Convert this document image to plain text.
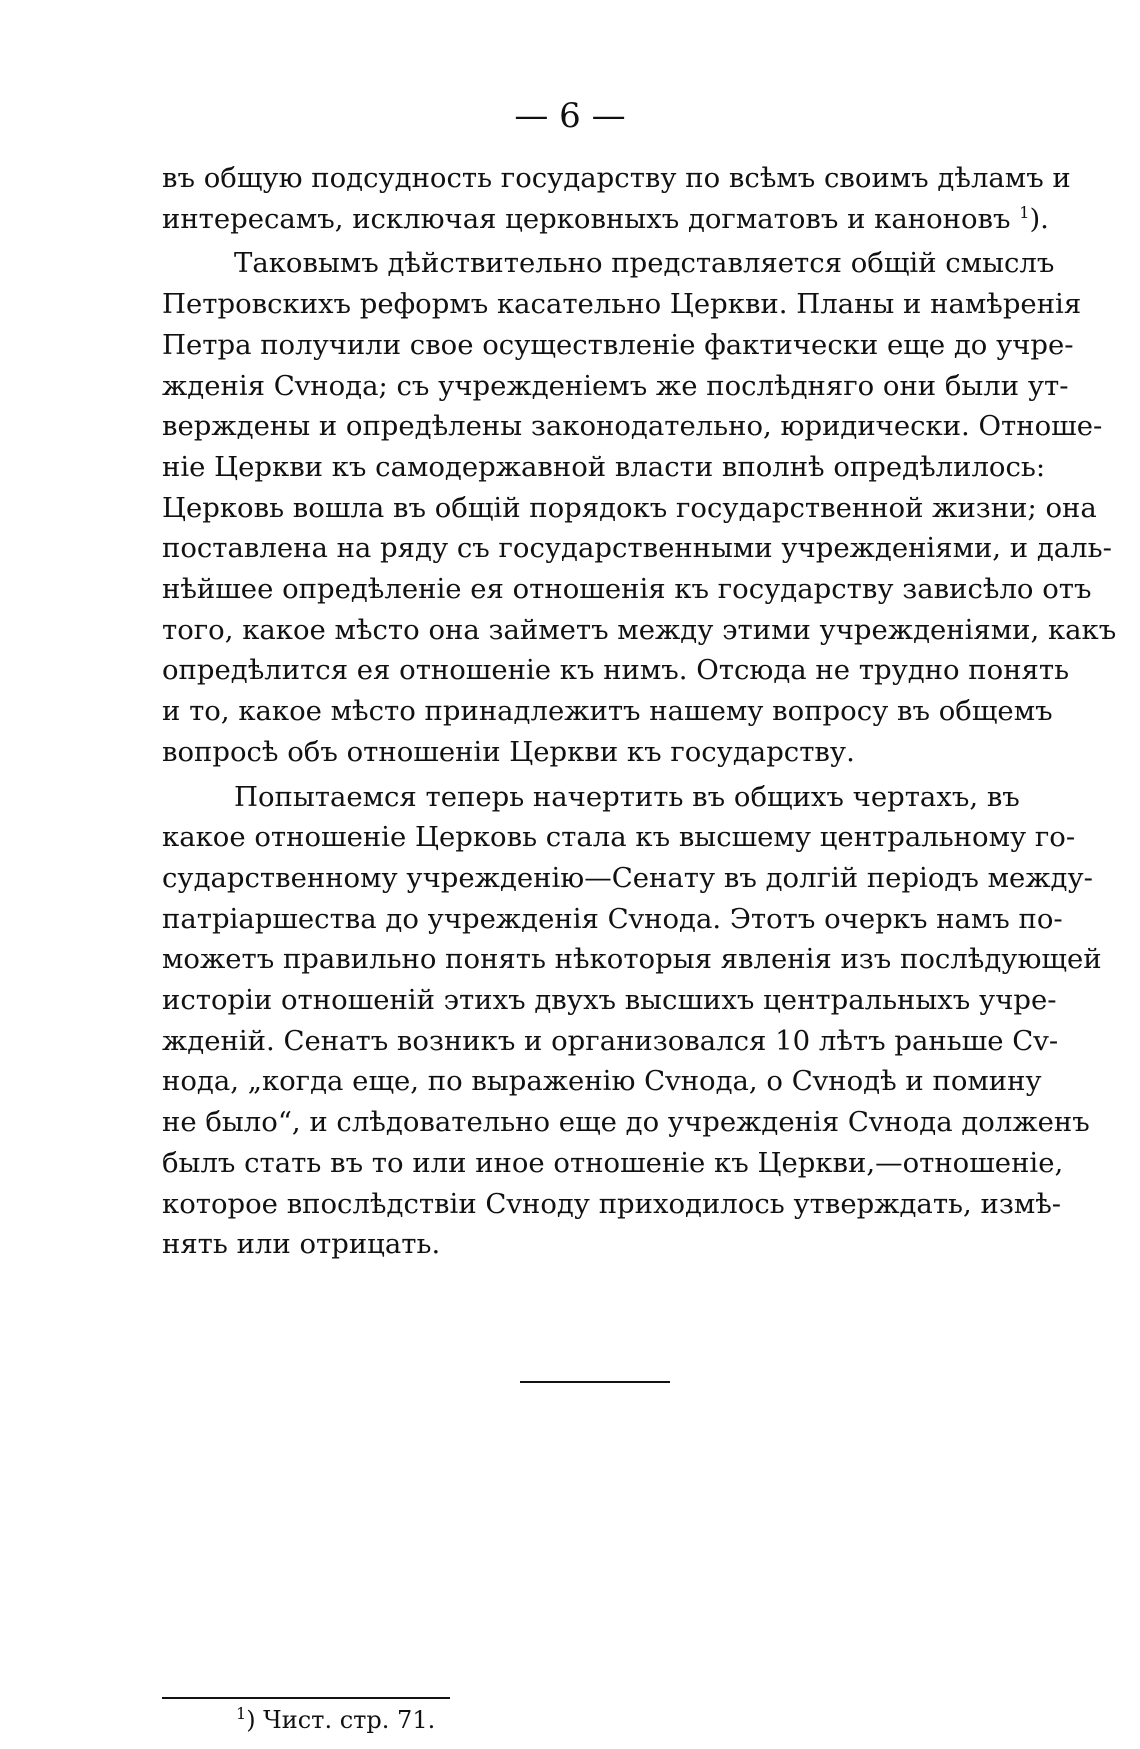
— 6 —
въ общую подсудность государству по всѣмъ своимъ дѣламъ и
интересамъ, исключая церковныхъ догматовъ и каноновъ $^1$).
Таковымъ дѣйствительно представляется общій смыслъ
Петровскихъ реформъ касательно Церкви. Планы и намѣренія
Петра получили свое осуществленіе фактически еще до учре-
жденія Сvнода; съ учрежденіемъ же послѣдняго они были ут-
верждены и опредѣлены законодательно, юридически. Отноше-
ніе Церкви къ самодержавной власти вполнѣ опредѣлилось:
Церковь вошла въ общій порядокъ государственной жизни; она
поставлена на ряду съ государственными учрежденіями, и даль-
нѣйшее опредѣленіе ея отношенія къ государству зависѣло отъ
того, какое мѣсто она займетъ между этими учрежденіями, какъ
опредѣлится ея отношеніе къ нимъ. Отсюда не трудно понять
и то, какое мѣсто принадлежитъ нашему вопросу въ общемъ
вопросѣ объ отношеніи Церкви къ государству.
Попытаемся теперь начертить въ общихъ чертахъ, въ
какое отношеніе Церковь стала къ высшему центральному го-
сударственному учрежденію—Сенату въ долгій періодъ между-
патріаршества до учрежденія Сvнода. Этотъ очеркъ намъ по-
можетъ правильно понять нѣкоторыя явленія изъ послѣдующей
исторіи отношеній этихъ двухъ высшихъ центральныхъ учре-
жденій. Сенатъ возникъ и организовался 10 лѣтъ раньше Сv-
нода, „когда еще, по выраженію Сvнода, о Сvнодѣ и помину
не было“, и слѣдовательно еще до учрежденія Сvнода долженъ
былъ стать въ то или иное отношеніе къ Церкви,—отношеніе,
которое впослѣдствіи Сvноду приходилось утверждать, измѣ-
нять или отрицать.
$^1$) Чист. стр. 71.
